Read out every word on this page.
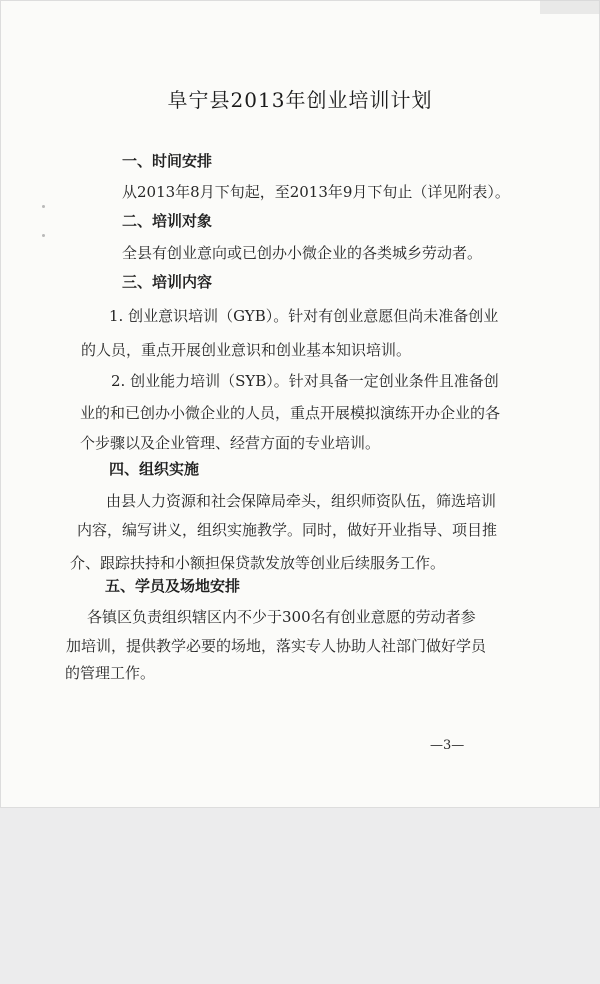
阜宁县2013年创业培训计划
一、时间安排
从2013年8月下旬起，至2013年9月下旬止（详见附表）。
二、培训对象
全县有创业意向或已创办小微企业的各类城乡劳动者。
三、培训内容
1. 创业意识培训（GYB）。针对有创业意愿但尚未准备创业
的人员，重点开展创业意识和创业基本知识培训。
2. 创业能力培训（SYB）。针对具备一定创业条件且准备创
业的和已创办小微企业的人员，重点开展模拟演练开办企业的各
个步骤以及企业管理、经营方面的专业培训。
四、组织实施
由县人力资源和社会保障局牵头，组织师资队伍，筛选培训
内容，编写讲义，组织实施教学。同时，做好开业指导、项目推
介、跟踪扶持和小额担保贷款发放等创业后续服务工作。
五、学员及场地安排
各镇区负责组织辖区内不少于300名有创业意愿的劳动者参
加培训，提供教学必要的场地，落实专人协助人社部门做好学员
的管理工作。
—3—
